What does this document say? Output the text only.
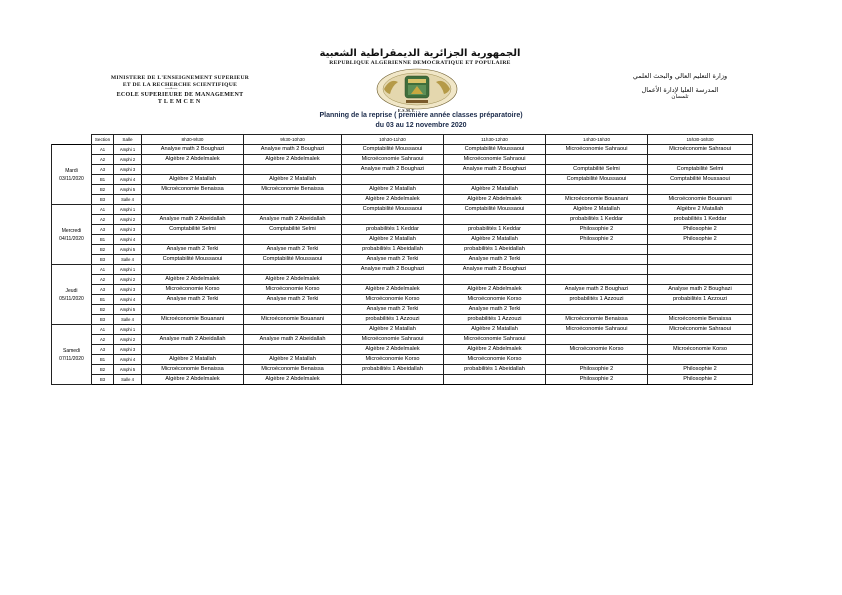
الجمهورية الجزائرية الديمقراطية الشعبية
REPUBLIQUE ALGERIENNE DEMOCRATIQUE ET POPULAIRE
MINISTERE DE L'ENSEIGNEMENT SUPERIEUR
ET DE LA RECHERCHE SCIENTIFIQUE
—•—
ECOLE SUPERIEURE DE MANAGEMENT
TLEMCEN
وزارة التعليم العالي والبحث العلمي
المدرسة العليا لإدارة الأعمال
تلمسان
E.S.M.T.
Planning de la reprise ( première année classes préparatoire)
du 03 au 12 novembre 2020
	Section	Salle	8h30-9h30	9h30-10h30	10h30-11h30	11h30-12h30	14h30-15h30	15h30-16h30

Mardi
03/11/2020	A1	Amphi 1	Analyse math 2 Boughazi	Analyse math 2 Boughazi	Comptabilité Moussaoui	Comptabilité Moussaoui	Microéconomie Sahraoui	Microéconomie Sahraoui
	A2	Amphi 2	Algèbre 2 Abdelmalek	Algèbre 2 Abdelmalek	Microéconomie Sahraoui	Microéconomie Sahraoui		
	A3	Amphi 3			Analyse math 2 Boughazi	Analyse math 2 Boughazi	Comptabilité Selmi	Comptabilité Selmi
	B1	Amphi 4	Algèbre 2 Matallah	Algèbre 2 Matallah			Comptabilité Moussaoui	Comptabilité Moussaoui
	B2	Amphi 5	Microéconomie Benaissa	Microéconomie Benaissa	Algèbre 2 Matallah	Algèbre 2 Matallah		
	B3	Salle 4			Algèbre 2 Abdelmalek	Algèbre 2 Abdelmalek	Microéconomie Bouanani	Microéconomie Bouanani

Mercredi
04/11/2020	A1	Amphi 1			Comptabilité Moussaoui	Comptabilité Moussaoui	Algèbre 2 Matallah	Algèbre 2 Matallah
	A2	Amphi 2	Analyse math 2 Abeidallah	Analyse math 2 Abeidallah			probabilités 1 Keddar	probabilités 1 Keddar
	A3	Amphi 3	Comptabilité Selmi	Comptabilité Selmi	probabilités 1 Keddar	probabilités 1 Keddar	Philosophie 2	Philosophie 2
	B1	Amphi 4			Algèbre 2 Matallah	Algèbre 2 Matallah	Philosophie 2	Philosophie 2
	B2	Amphi 5	Analyse math 2 Terki	Analyse math 2 Terki	probabilités 1 Abeidallah	probabilités 1 Abeidallah		
	B3	Salle 4	Comptabilité Moussaoui	Comptabilité Moussaoui	Analyse math 2 Terki	Analyse math 2 Terki		

Jeudi
05/11/2020	A1	Amphi 1			Analyse math 2 Boughazi	Analyse math 2 Boughazi		
	A2	Amphi 2	Algèbre 2 Abdelmalek	Algèbre 2 Abdelmalek				
	A3	Amphi 3	Microéconomie Korso	Microéconomie Korso	Algèbre 2 Abdelmalek	Algèbre 2 Abdelmalek	Analyse math 2 Boughazi	Analyse math 2 Boughazi
	B1	Amphi 4	Analyse math 2 Terki	Analyse math 2 Terki	Microéconomie Korso	Microéconomie Korso	probabilités 1 Azzouzi	probabilités 1 Azzouzi
	B2	Amphi 5			Analyse math 2 Terki	Analyse math 2 Terki		
	B3	Salle 4	Microéconomie Bouanani	Microéconomie Bouanani	probabilités 1 Azzouzi	probabilités 1 Azzouzi	Microéconomie Benaissa	Microéconomie Benaissa

Samedi
07/11/2020	A1	Amphi 1			Algèbre 2 Matallah	Algèbre 2 Matallah	Microéconomie Sahraoui	Microéconomie Sahraoui
	A2	Amphi 2	Analyse math 2 Abeidallah	Analyse math 2 Abeidallah	Microéconomie Sahraoui	Microéconomie Sahraoui		
	A3	Amphi 3			Algèbre 2 Abdelmalek	Algèbre 2 Abdelmalek	Microéconomie Korso	Microéconomie Korso
	B1	Amphi 4	Algèbre 2 Matallah	Algèbre 2 Matallah	Microéconomie Korso	Microéconomie Korso		
	B2	Amphi 5	Microéconomie Benaissa	Microéconomie Benaissa	probabilités 1 Abeidallah	probabilités 1 Abeidallah	Philosophie 2	Philosophie 2
	B3	Salle 4	Algèbre 2 Abdelmalek	Algèbre 2 Abdelmalek			Philosophie 2	Philosophie 2
